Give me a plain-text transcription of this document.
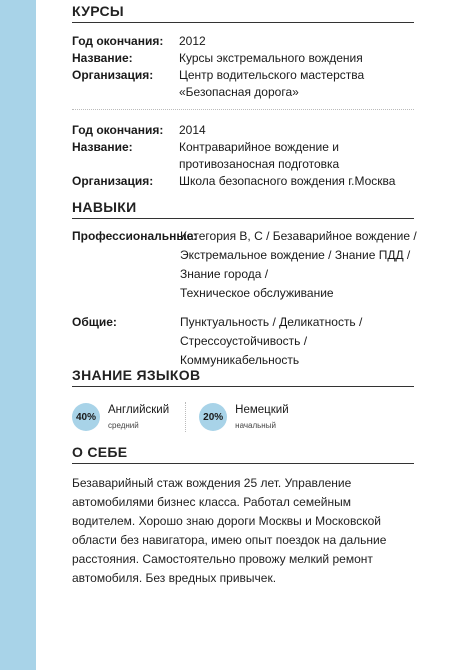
КУРСЫ
Год окончания:	2012
Название:	Курсы экстремального вождения
Организация:	Центр водительского мастерства
«Безопасная дорога»
Год окончания:	2014
Название:	Контраварийное вождение и
противозаносная подготовка
Организация:	Школа безопасного вождения г.Москва
НАВЫКИ
Профессиональные:
Категория В, С / Безаварийное вождение /
Экстремальное вождение / Знание ПДД /
Знание города /
Техническое обслуживание
Общие:	Пунктуальность / Деликатность /
Стрессоустойчивость /
Коммуникабельность
ЗНАНИЕ ЯЗЫКОВ
40%
Английский
средний
20%
Немецкий
начальный
О СЕБЕ

Безаварийный стаж вождения 25 лет. Управление автомобилями бизнес класса. Работал семейным водителем. Хорошо знаю дороги Москвы и Московской области без навигатора, имею опыт поездок на дальние расстояния. Самостоятельно провожу мелкий ремонт автомобиля. Без вредных привычек.
